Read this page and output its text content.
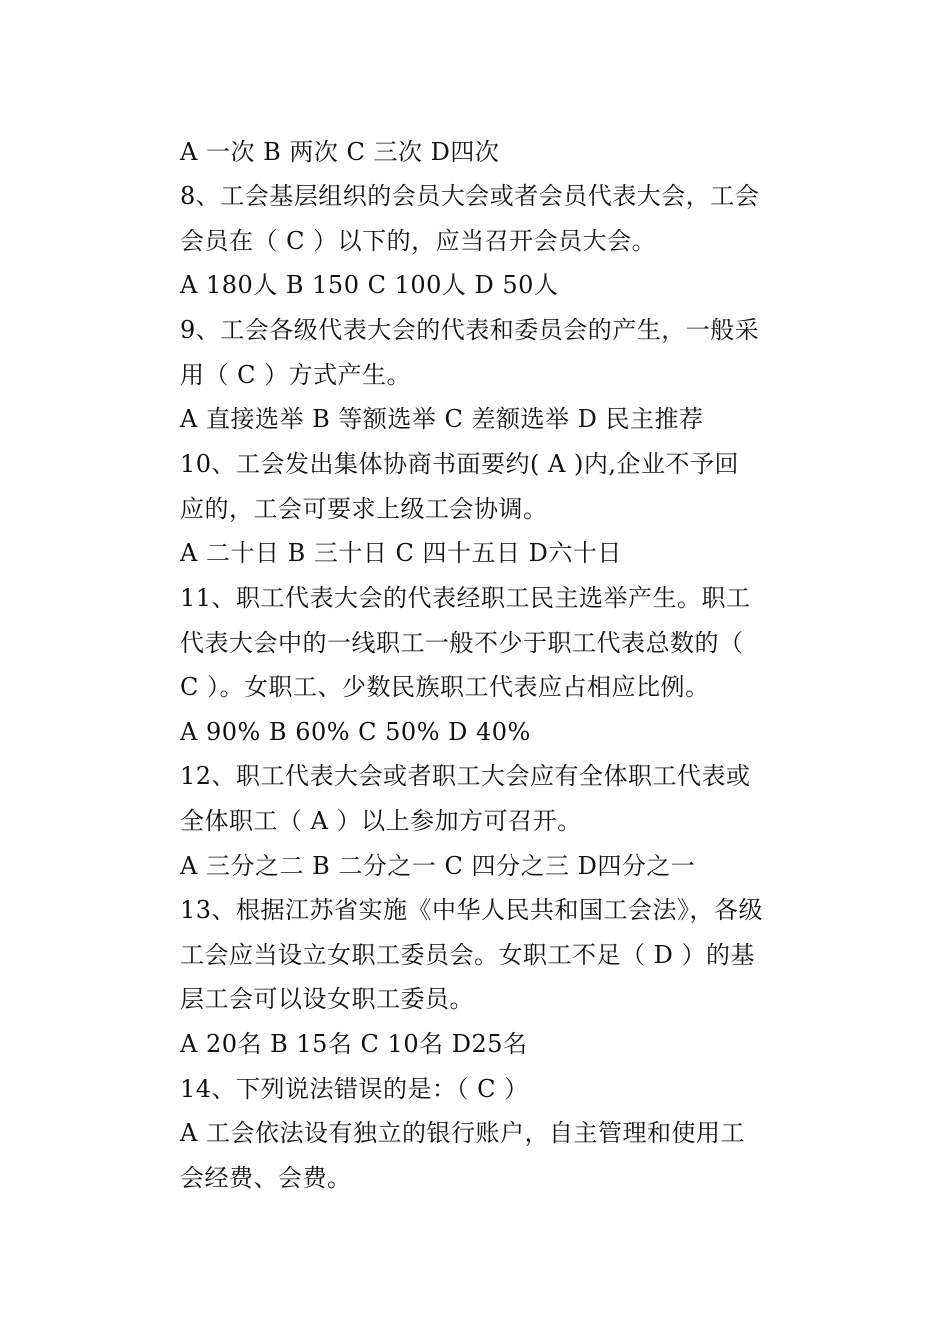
A 一次 B 两次 C 三次 D四次
8、工会基层组织的会员大会或者会员代表大会，工会
会员在（ C ）以下的，应当召开会员大会。
A 180人 B 150 C 100人 D 50人
9、工会各级代表大会的代表和委员会的产生，一般采
用（ C ）方式产生。
A 直接选举 B 等额选举 C 差额选举 D 民主推荐
10、工会发出集体协商书面要约( A )内,企业不予回
应的，工会可要求上级工会协调。
A 二十日 B 三十日 C 四十五日 D六十日
11、职工代表大会的代表经职工民主选举产生。职工
代表大会中的一线职工一般不少于职工代表总数的（
C ）。女职工、少数民族职工代表应占相应比例。
A 90% B 60% C 50% D 40%
12、职工代表大会或者职工大会应有全体职工代表或
全体职工（ A ）以上参加方可召开。
A 三分之二 B 二分之一 C 四分之三 D四分之一
13、根据江苏省实施《中华人民共和国工会法》，各级
工会应当设立女职工委员会。女职工不足（ D ）的基
层工会可以设女职工委员。
A 20名 B 15名 C 10名 D25名
14、下列说法错误的是：（ C ）
A 工会依法设有独立的银行账户，自主管理和使用工
会经费、会费。
